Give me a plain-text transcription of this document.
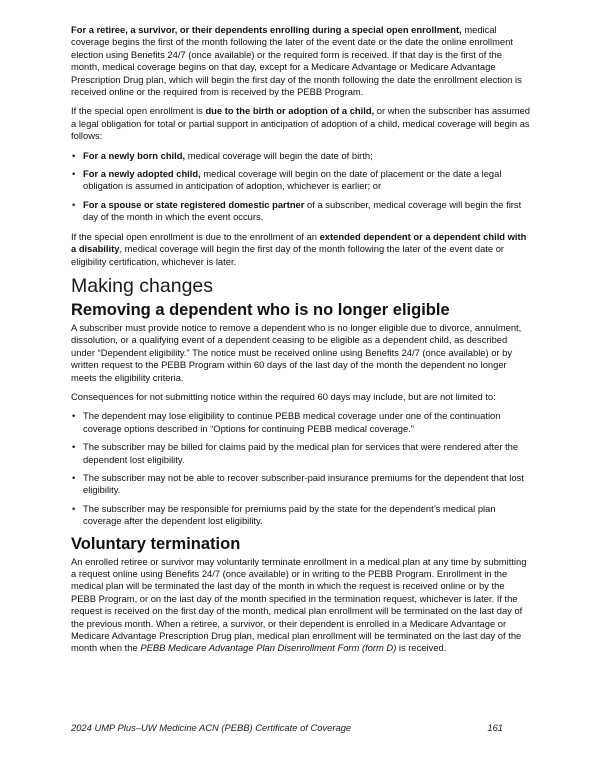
For a retiree, a survivor, or their dependents enrolling during a special open enrollment, medical coverage begins the first of the month following the later of the event date or the date the online enrollment election using Benefits 24/7 (once available) or the required form is received. If that day is the first of the month, medical coverage begins on that day, except for a Medicare Advantage or Medicare Advantage Prescription Drug plan, which will begin the first day of the month following the date the enrollment election is received online or the required from is received by the PEBB Program.

If the special open enrollment is due to the birth or adoption of a child, or when the subscriber has assumed a legal obligation for total or partial support in anticipation of adoption of a child, medical coverage will begin as follows:

• For a newly born child, medical coverage will begin the date of birth;
• For a newly adopted child, medical coverage will begin on the date of placement or the date a legal obligation is assumed in anticipation of adoption, whichever is earlier; or
• For a spouse or state registered domestic partner of a subscriber, medical coverage will begin the first day of the month in which the event occurs.

If the special open enrollment is due to the enrollment of an extended dependent or a dependent child with a disability, medical coverage will begin the first day of the month following the later of the event date or eligibility certification, whichever is later.

Making changes
Removing a dependent who is no longer eligible

A subscriber must provide notice to remove a dependent who is no longer eligible due to divorce, annulment, dissolution, or a qualifying event of a dependent ceasing to be eligible as a dependent child, as described under “Dependent eligibility.” The notice must be received online using Benefits 24/7 (once available) or by written request to the PEBB Program within 60 days of the last day of the month the dependent no longer meets the eligibility criteria.

Consequences for not submitting notice within the required 60 days may include, but are not limited to:

• The dependent may lose eligibility to continue PEBB medical coverage under one of the continuation coverage options described in “Options for continuing PEBB medical coverage.”
• The subscriber may be billed for claims paid by the medical plan for services that were rendered after the dependent lost eligibility.
• The subscriber may not be able to recover subscriber-paid insurance premiums for the dependent that lost eligibility.
• The subscriber may be responsible for premiums paid by the state for the dependent’s medical plan coverage after the dependent lost eligibility.
Voluntary termination

An enrolled retiree or survivor may voluntarily terminate enrollment in a medical plan at any time by submitting a request online using Benefits 24/7 (once available) or in writing to the PEBB Program. Enrollment in the medical plan will be terminated the last day of the month in which the request is received online or by the PEBB Program, or on the last day of the month specified in the termination request, whichever is later. If the request is received on the first day of the month, medical plan enrollment will be terminated on the last day of the previous month. When a retiree, a survivor, or their dependent is enrolled in a Medicare Advantage or Medicare Advantage Prescription Drug plan, medical plan enrollment will be terminated on the last day of the month when the PEBB Medicare Advantage Plan Disenrollment Form (form D) is received.

2024 UMP Plus–UW Medicine ACN (PEBB) Certificate of Coverage	161
